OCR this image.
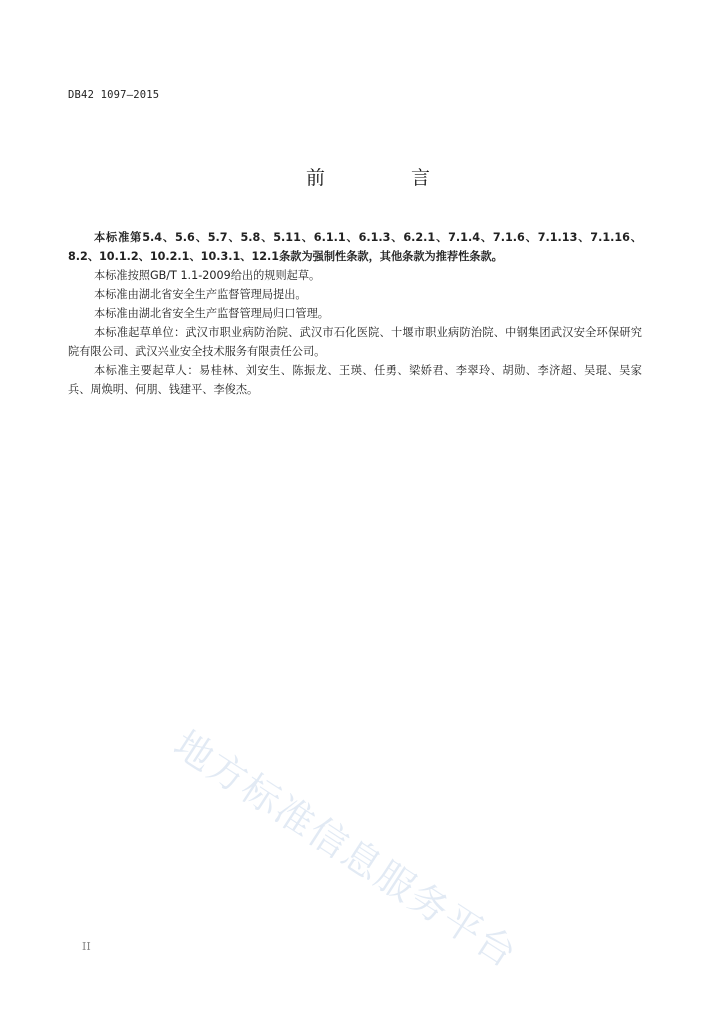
DB42 1097—2015
前 言

本标准第5.4、5.6、5.7、5.8、5.11、6.1.1、6.1.3、6.2.1、7.1.4、7.1.6、7.1.13、7.1.16、8.2、10.1.2、10.2.1、10.3.1、12.1条款为强制性条款，其他条款为推荐性条款。

本标准按照GB/T 1.1-2009给出的规则起草。

本标准由湖北省安全生产监督管理局提出。

本标准由湖北省安全生产监督管理局归口管理。

本标准起草单位：武汉市职业病防治院、武汉市石化医院、十堰市职业病防治院、中钢集团武汉安全环保研究院有限公司、武汉兴业安全技术服务有限责任公司。

本标准主要起草人：易桂林、刘安生、陈振龙、王瑛、任勇、梁娇君、李翠玲、胡勋、李济超、吴琨、吴家兵、周焕明、何朋、钱建平、李俊杰。

地方标准信息服务平台
II
